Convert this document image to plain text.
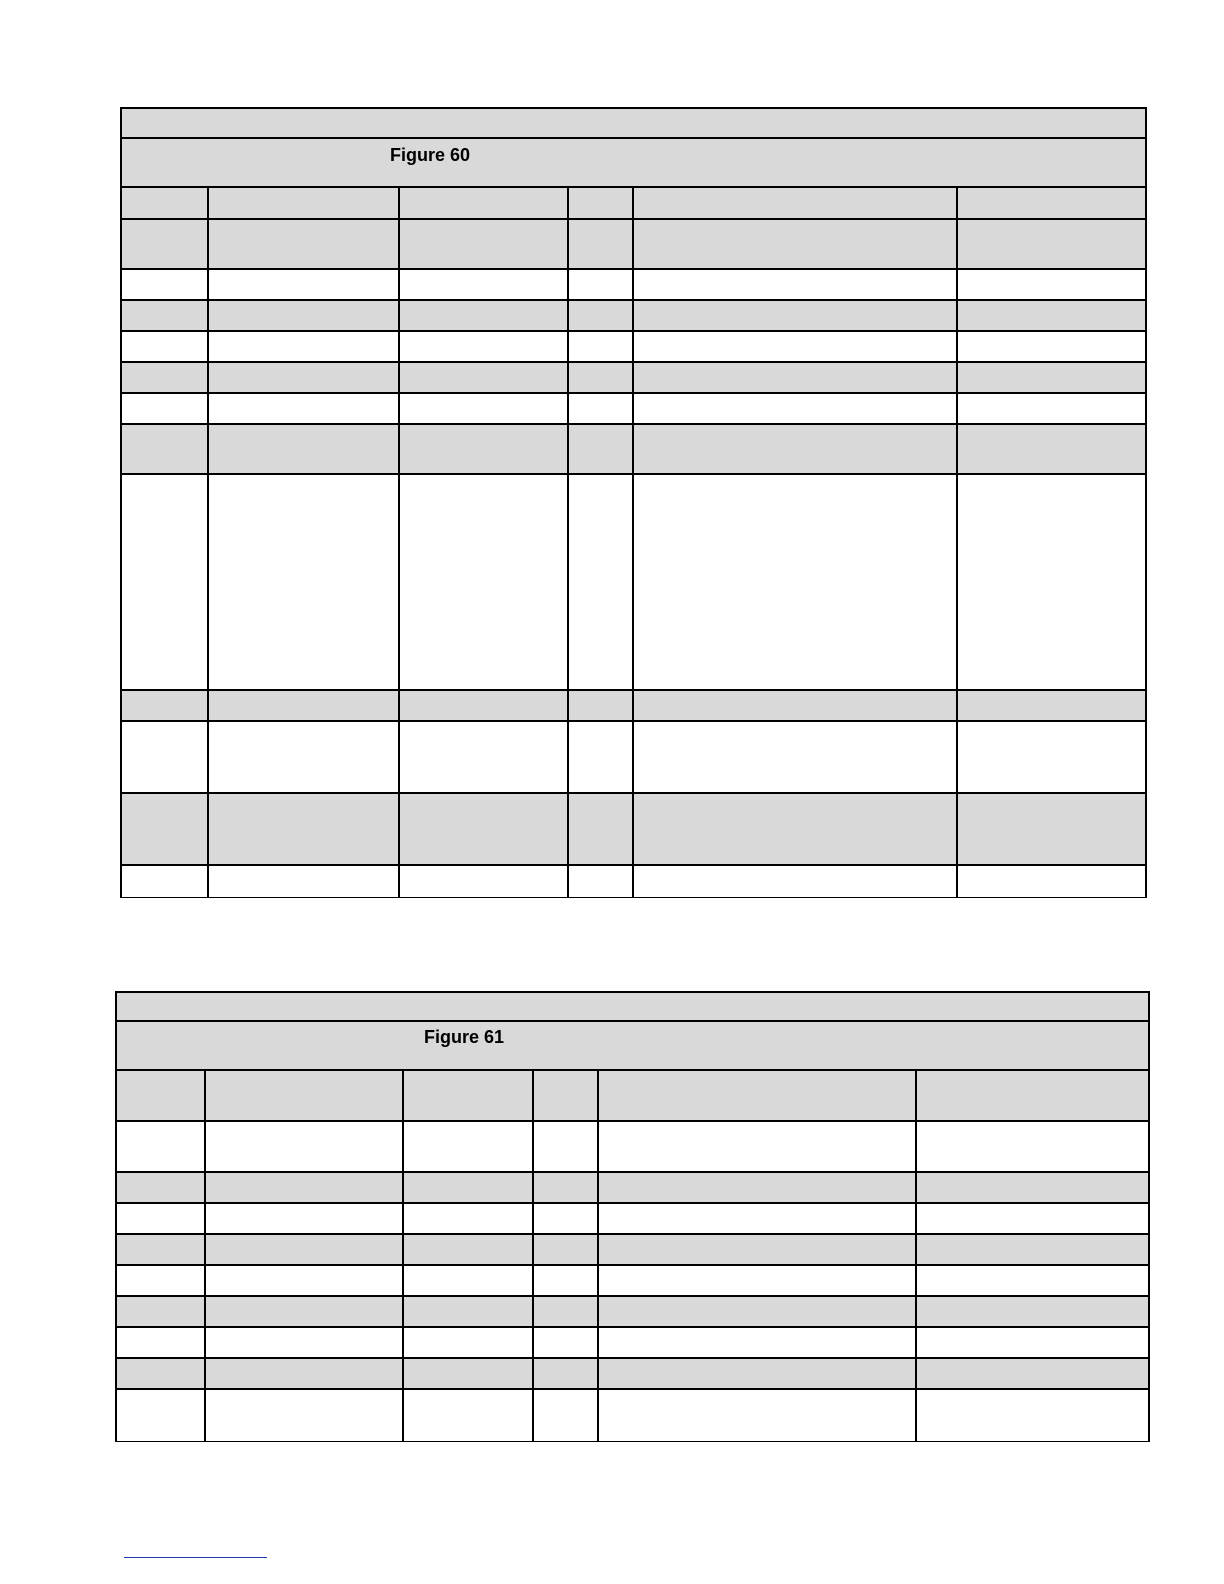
Figure 60
Figure 61
